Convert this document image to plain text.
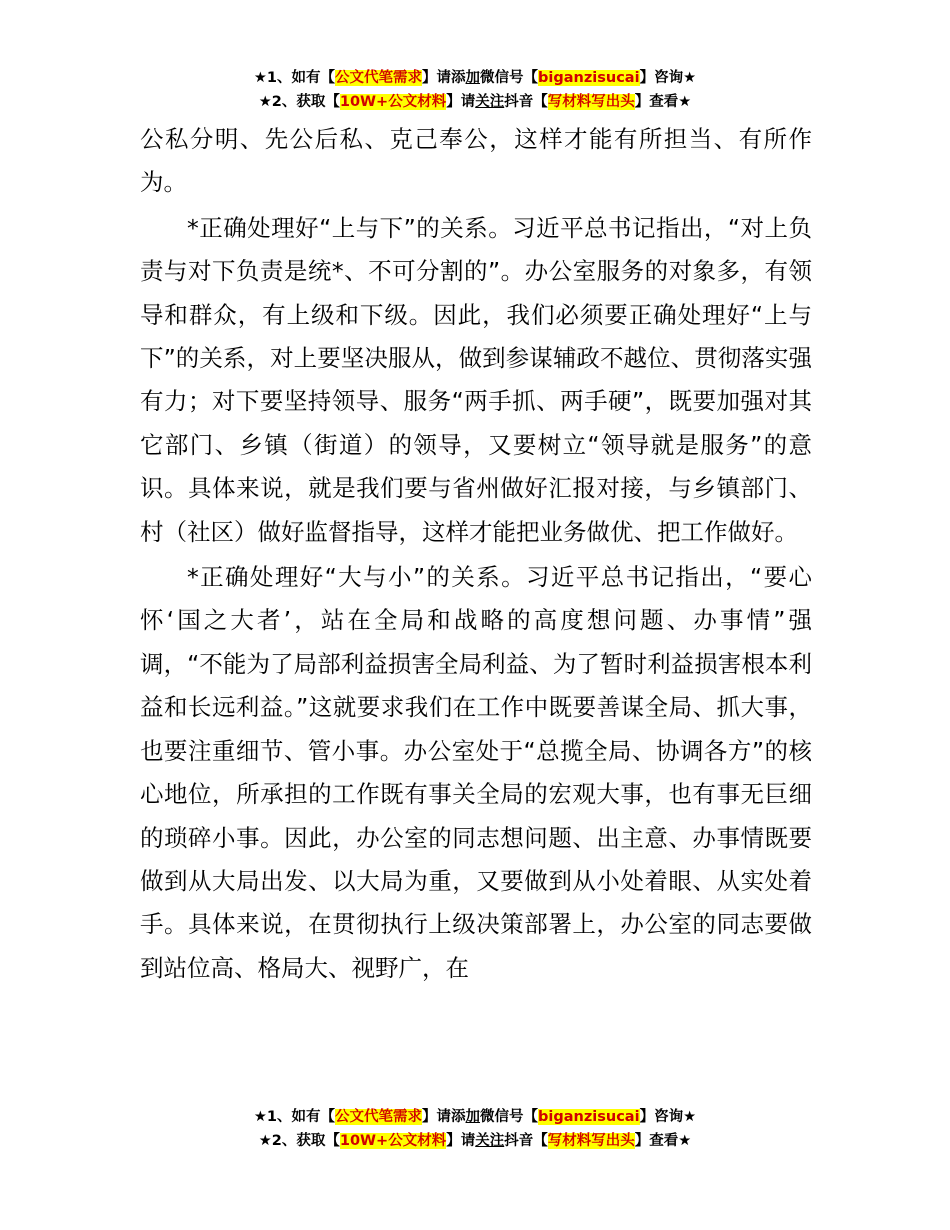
★1、如有【公文代笔需求】请添加微信号【biganzisucai】咨询★
★2、获取【10W+公文材料】请关注抖音【写材料写出头】查看★

公私分明、先公后私、克己奉公，这样才能有所担当、有所作为。

*正确处理好“上与下”的关系。习近平总书记指出，“对上负责与对下负责是统*、不可分割的”。办公室服务的对象多，有领导和群众，有上级和下级。因此，我们必须要正确处理好“上与下”的关系，对上要坚决服从，做到参谋辅政不越位、贯彻落实强有力；对下要坚持领导、服务“两手抓、两手硬”，既要加强对其它部门、乡镇（街道）的领导，又要树立“领导就是服务”的意识。具体来说，就是我们要与省州做好汇报对接，与乡镇部门、村（社区）做好监督指导，这样才能把业务做优、把工作做好。

*正确处理好“大与小”的关系。习近平总书记指出，“要心怀‘国之大者’，站在全局和战略的高度想问题、办事情”强调，“不能为了局部利益损害全局利益、为了暂时利益损害根本利益和长远利益。”这就要求我们在工作中既要善谋全局、抓大事，也要注重细节、管小事。办公室处于“总揽全局、协调各方”的核心地位，所承担的工作既有事关全局的宏观大事，也有事无巨细的琐碎小事。因此，办公室的同志想问题、出主意、办事情既要做到从大局出发、以大局为重，又要做到从小处着眼、从实处着手。具体来说，在贯彻执行上级决策部署上，办公室的同志要做到站位高、格局大、视野广，在

★1、如有【公文代笔需求】请添加微信号【biganzisucai】咨询★
★2、获取【10W+公文材料】请关注抖音【写材料写出头】查看★
